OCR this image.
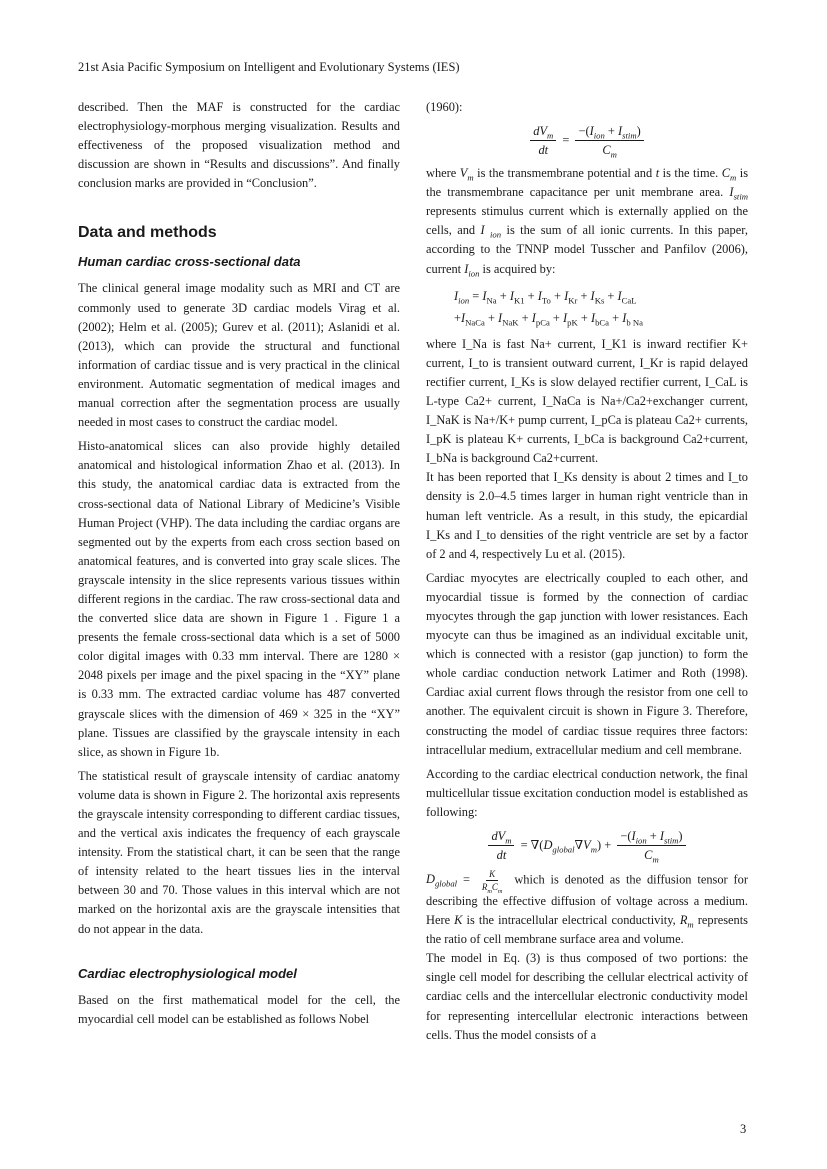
21st Asia Pacific Symposium on Intelligent and Evolutionary Systems (IES)

described. Then the MAF is constructed for the cardiac electrophysiology-morphous merging visualization. Results and effectiveness of the proposed visualization method and discussion are shown in “Results and discussions”. And finally conclusion marks are provided in “Conclusion”.

Data and methods
Human cardiac cross-sectional data

The clinical general image modality such as MRI and CT are commonly used to generate 3D cardiac models Virag et al. (2002); Helm et al. (2005); Gurev et al. (2011); Aslanidi et al. (2013), which can provide the structural and functional information of cardiac tissue and is very practical in the clinical environment. Automatic segmentation of medical images and manual correction after the segmentation process are usually needed in most cases to construct the cardiac model.

Histo-anatomical slices can also provide highly detailed anatomical and histological information Zhao et al. (2013). In this study, the anatomical cardiac data is extracted from the cross-sectional data of National Library of Medicine’s Visible Human Project (VHP). The data including the cardiac organs are segmented out by the experts from each cross section based on anatomical features, and is converted into gray scale slices. The grayscale intensity in the slice represents various tissues within different regions in the cardiac. The raw cross-sectional data and the converted slice data are shown in Figure 1 . Figure 1 a presents the female cross-sectional data which is a set of 5000 color digital images with 0.33 mm interval. There are 1280 × 2048 pixels per image and the pixel spacing in the “XY” plane is 0.33 mm. The extracted cardiac volume has 487 converted grayscale slices with the dimension of 469 × 325 in the “XY” plane. Tissues are classified by the grayscale intensity in each slice, as shown in Figure 1b.

The statistical result of grayscale intensity of cardiac anatomy volume data is shown in Figure 2. The horizontal axis represents the grayscale intensity corresponding to different cardiac tissues, and the vertical axis indicates the frequency of each grayscale intensity. From the statistical chart, it can be seen that the range of intensity related to the heart tissues lies in the interval between 30 and 70. Those values in this interval which are not marked on the horizontal axis are the grayscale intensities that do not appear in the data.

Cardiac electrophysiological model

Based on the first mathematical model for the cell, the myocardial cell model can be established as follows Nobel

(1960):

$\frac{dV_m}{dt} = \frac{-(I_{ion} + I_{stim})}{C_m}$

where $V_m$ is the transmembrane potential and t is the time. $C_m$ is the transmembrane capacitance per unit membrane area. $I_{stim}$ represents stimulus current which is externally applied on the cells, and I $_{ion}$ is the sum of all ionic currents. In this paper, according to the TNNP model Tusscher and Panfilov (2006), current $I_{ion}$ is acquired by:

$I_{ion} = I_{Na} + I_{K1} + I_{To} + I_{Kr} + I_{Ks} + I_{CaL}$
$+I_{NaCa} + I_{NaK} + I_{pCa} + I_{pK} + I_{bCa} + I_{b Na}$

where I_Na is fast Na+ current, I_K1 is inward rectifier K+ current, I_to is transient outward current, I_Kr is rapid delayed rectifier current, I_Ks is slow delayed rectifier current, I_CaL is L-type Ca2+ current, I_NaCa is Na+/Ca2+exchanger current, I_NaK is Na+/K+ pump current, I_pCa is plateau Ca2+ currents, I_pK is plateau K+ currents, I_bCa is background Ca2+current, I_bNa is background Ca2+current.

It has been reported that I_Ks density is about 2 times and I_to density is 2.0–4.5 times larger in human right ventricle than in human left ventricle. As a result, in this study, the epicardial I_Ks and I_to densities of the right ventricle are set by a factor of 2 and 4, respectively Lu et al. (2015).

Cardiac myocytes are electrically coupled to each other, and myocardial tissue is formed by the connection of cardiac myocytes through the gap junction with lower resistances. Each myocyte can thus be imagined as an individual excitable unit, which is connected with a resistor (gap junction) to form the whole cardiac conduction network Latimer and Roth (1998). Cardiac axial current flows through the resistor from one cell to another. The equivalent circuit is shown in Figure 3. Therefore, constructing the model of cardiac tissue requires three factors: intracellular medium, extracellular medium and cell membrane.

According to the cardiac electrical conduction network, the final multicellular tissue excitation conduction model is established as following:

$\frac{dV_m}{dt} = \nabla(D_{global}\nabla V_m) + \frac{-(I_{ion} + I_{stim})}{C_m}$

$D_{global} = \frac{K}{R_mC_m}$ which is denoted as the diffusion tensor for describing the effective diffusion of voltage across a medium. Here K is the intracellular electrical conductivity, $R_m$ represents the ratio of cell membrane surface area and volume.

The model in Eq. (3) is thus composed of two portions: the single cell model for describing the cellular electrical activity of cardiac cells and the intercellular electronic conductivity model for representing intercellular electronic interactions between cells. Thus the model consists of a

3
